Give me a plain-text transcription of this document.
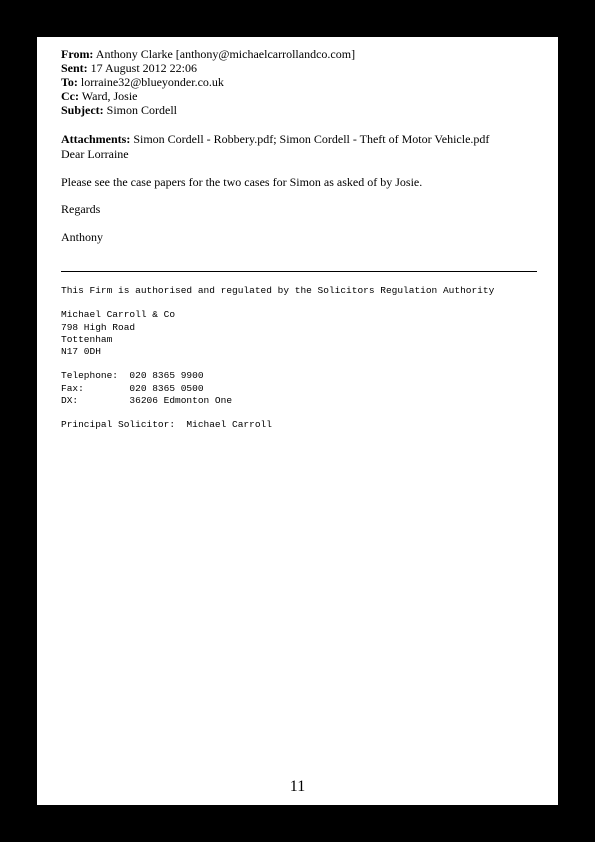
From: Anthony Clarke [anthony@michaelcarrollandco.com]
Sent: 17 August 2012 22:06
To: lorraine32@blueyonder.co.uk
Cc: Ward, Josie
Subject: Simon Cordell
Attachments: Simon Cordell - Robbery.pdf; Simon Cordell - Theft of Motor Vehicle.pdf
Dear Lorraine
Please see the case papers for the two cases for Simon as asked of by Josie.
Regards
Anthony
This Firm is authorised and regulated by the Solicitors Regulation Authority

Michael Carroll & Co
798 High Road
Tottenham
N17 0DH

Telephone:  020 8365 9900
Fax:        020 8365 0500
DX:         36206 Edmonton One

Principal Solicitor:  Michael Carroll
11
